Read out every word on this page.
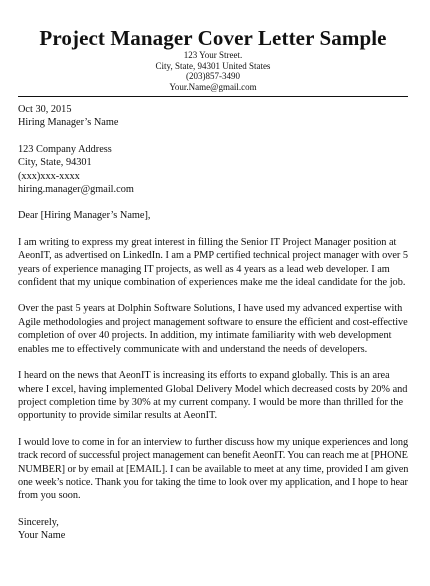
Project Manager Cover Letter Sample
123 Your Street.
City, State, 94301 United States
(203)857-3490
Your.Name@gmail.com
Oct 30, 2015
Hiring Manager’s Name
123 Company Address
City, State, 94301
(xxx)xxx-xxxx
hiring.manager@gmail.com
Dear [Hiring Manager’s Name],
I am writing to express my great interest in filling the Senior IT Project Manager position at
AeonIT, as advertised on LinkedIn. I am a PMP certified technical project manager with over 5
years of experience managing IT projects, as well as 4 years as a lead web developer. I am
confident that my unique combination of experiences make me the ideal candidate for the job.
Over the past 5 years at Dolphin Software Solutions, I have used my advanced expertise with
Agile methodologies and project management software to ensure the efficient and cost-effective
completion of over 40 projects. In addition, my intimate familiarity with web development
enables me to effectively communicate with and understand the needs of developers.
I heard on the news that AeonIT is increasing its efforts to expand globally. This is an area
where I excel, having implemented Global Delivery Model which decreased costs by 20% and
project completion time by 30% at my current company. I would be more than thrilled for the
opportunity to provide similar results at AeonIT.
I would love to come in for an interview to further discuss how my unique experiences and long
track record of successful project management can benefit AeonIT. You can reach me at [PHONE
NUMBER] or by email at [EMAIL]. I can be available to meet at any time, provided I am given
one week’s notice. Thank you for taking the time to look over my application, and I hope to hear
from you soon.
Sincerely,
Your Name
